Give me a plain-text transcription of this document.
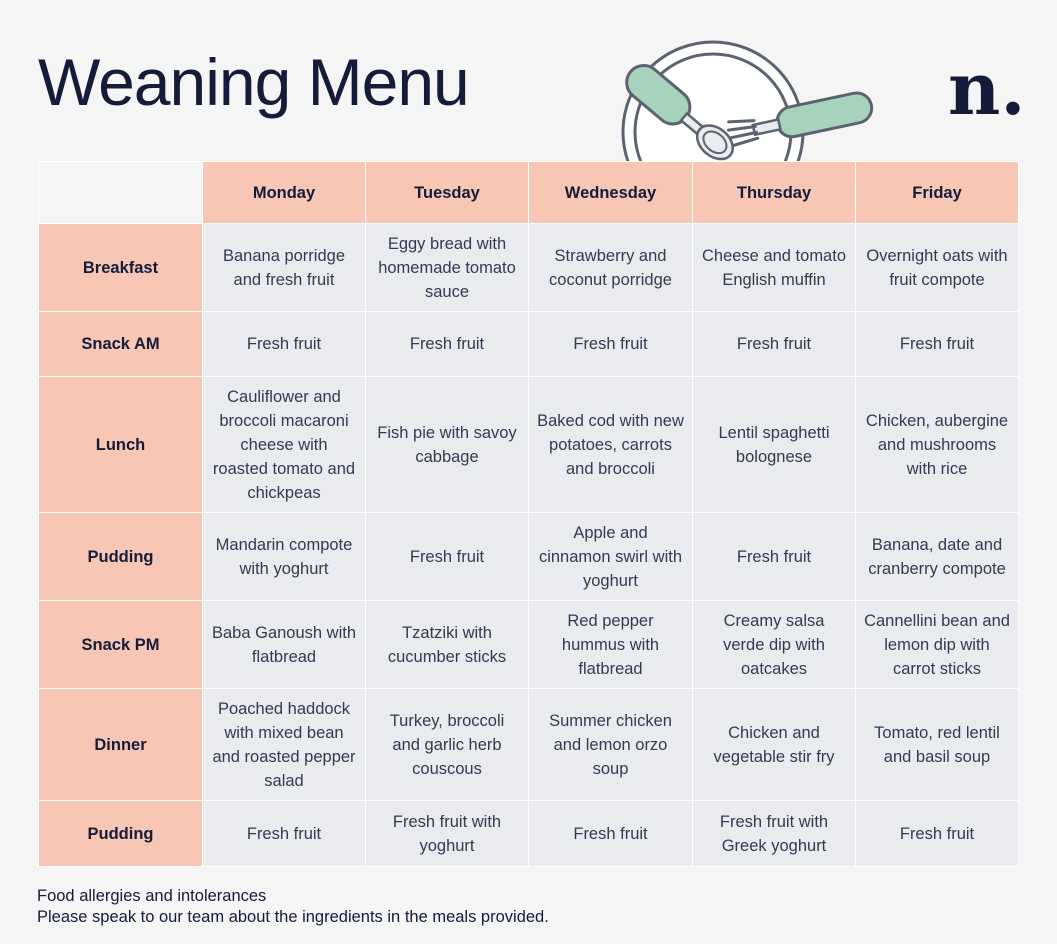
Weaning Menu	n.
	Monday	Tuesday	Wednesday	Thursday	Friday
Breakfast	Banana porridge and fresh fruit	Eggy bread with homemade tomato sauce	Strawberry and coconut porridge	Cheese and tomato English muffin	Overnight oats with fruit compote
Snack AM	Fresh fruit	Fresh fruit	Fresh fruit	Fresh fruit	Fresh fruit
Lunch	Cauliflower and broccoli macaroni cheese with roasted tomato and chickpeas	Fish pie with savoy cabbage	Baked cod with new potatoes, carrots and broccoli	Lentil spaghetti bolognese	Chicken, aubergine and mushrooms with rice
Pudding	Mandarin compote with yoghurt	Fresh fruit	Apple and cinnamon swirl with yoghurt	Fresh fruit	Banana, date and cranberry compote
Snack PM	Baba Ganoush with flatbread	Tzatziki with cucumber sticks	Red pepper hummus with flatbread	Creamy salsa verde dip with oatcakes	Cannellini bean and lemon dip with carrot sticks
Dinner	Poached haddock with mixed bean and roasted pepper salad	Turkey, broccoli and garlic herb couscous	Summer chicken and lemon orzo soup	Chicken and vegetable stir fry	Tomato, red lentil and basil soup
Pudding	Fresh fruit	Fresh fruit with yoghurt	Fresh fruit	Fresh fruit with Greek yoghurt	Fresh fruit
Food allergies and intolerances
Please speak to our team about the ingredients in the meals provided.
